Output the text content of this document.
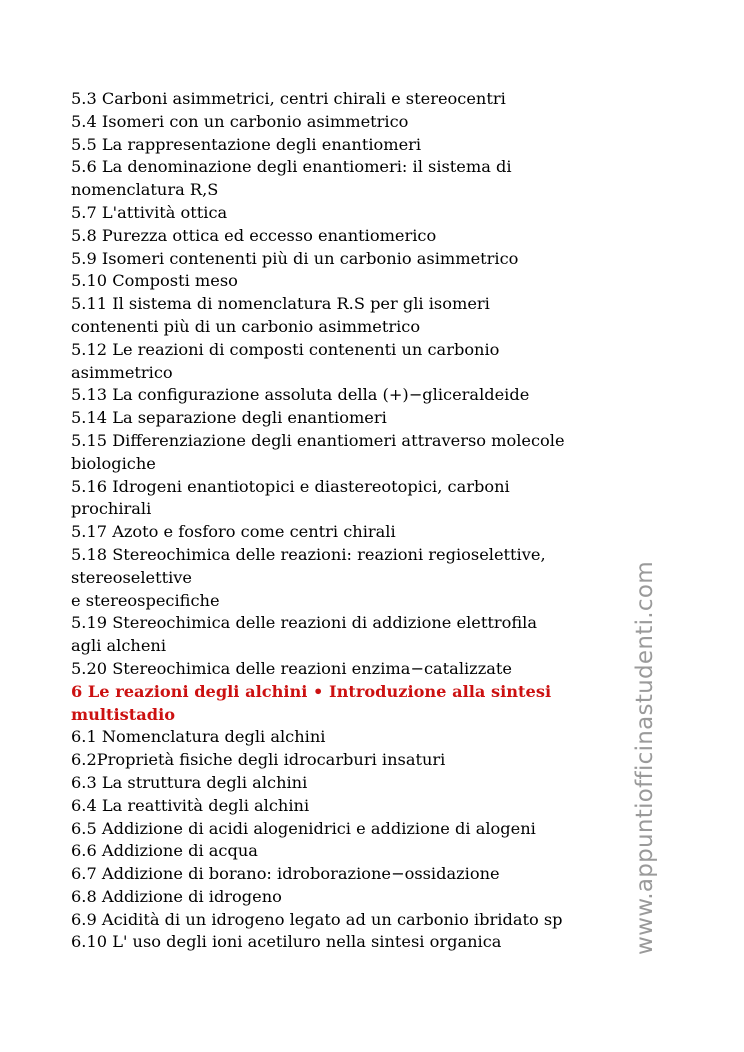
5.3 Carboni asimmetrici, centri chirali e stereocentri
5.4 Isomeri con un carbonio asimmetrico
5.5 La rappresentazione degli enantiomeri
5.6 La denominazione degli enantiomeri: il sistema di
nomenclatura R,S
5.7 L'attività ottica
5.8 Purezza ottica ed eccesso enantiomerico
5.9 Isomeri contenenti più di un carbonio asimmetrico
5.10 Composti meso
5.11 Il sistema di nomenclatura R.S per gli isomeri
contenenti più di un carbonio asimmetrico
5.12 Le reazioni di composti contenenti un carbonio
asimmetrico
5.13 La configurazione assoluta della (+)−gliceraldeide
5.14 La separazione degli enantiomeri
5.15 Differenziazione degli enantiomeri attraverso molecole
biologiche
5.16 Idrogeni enantiotopici e diastereotopici, carboni
prochirali
5.17 Azoto e fosforo come centri chirali
5.18 Stereochimica delle reazioni: reazioni regioselettive,
stereoselettive
e stereospecifiche
5.19 Stereochimica delle reazioni di addizione elettrofila
agli alcheni
5.20 Stereochimica delle reazioni enzima−catalizzate
6 Le reazioni degli alchini • Introduzione alla sintesi
multistadio
6.1 Nomenclatura degli alchini
6.2Proprietà fisiche degli idrocarburi insaturi
6.3 La struttura degli alchini
6.4 La reattività degli alchini
6.5 Addizione di acidi alogenidrici e addizione di alogeni
6.6 Addizione di acqua
6.7 Addizione di borano: idroborazione−ossidazione
6.8 Addizione di idrogeno
6.9 Acidità di un idrogeno legato ad un carbonio ibridato sp
6.10 L' uso degli ioni acetiluro nella sintesi organica	www.appuntiofficinastudenti.com
